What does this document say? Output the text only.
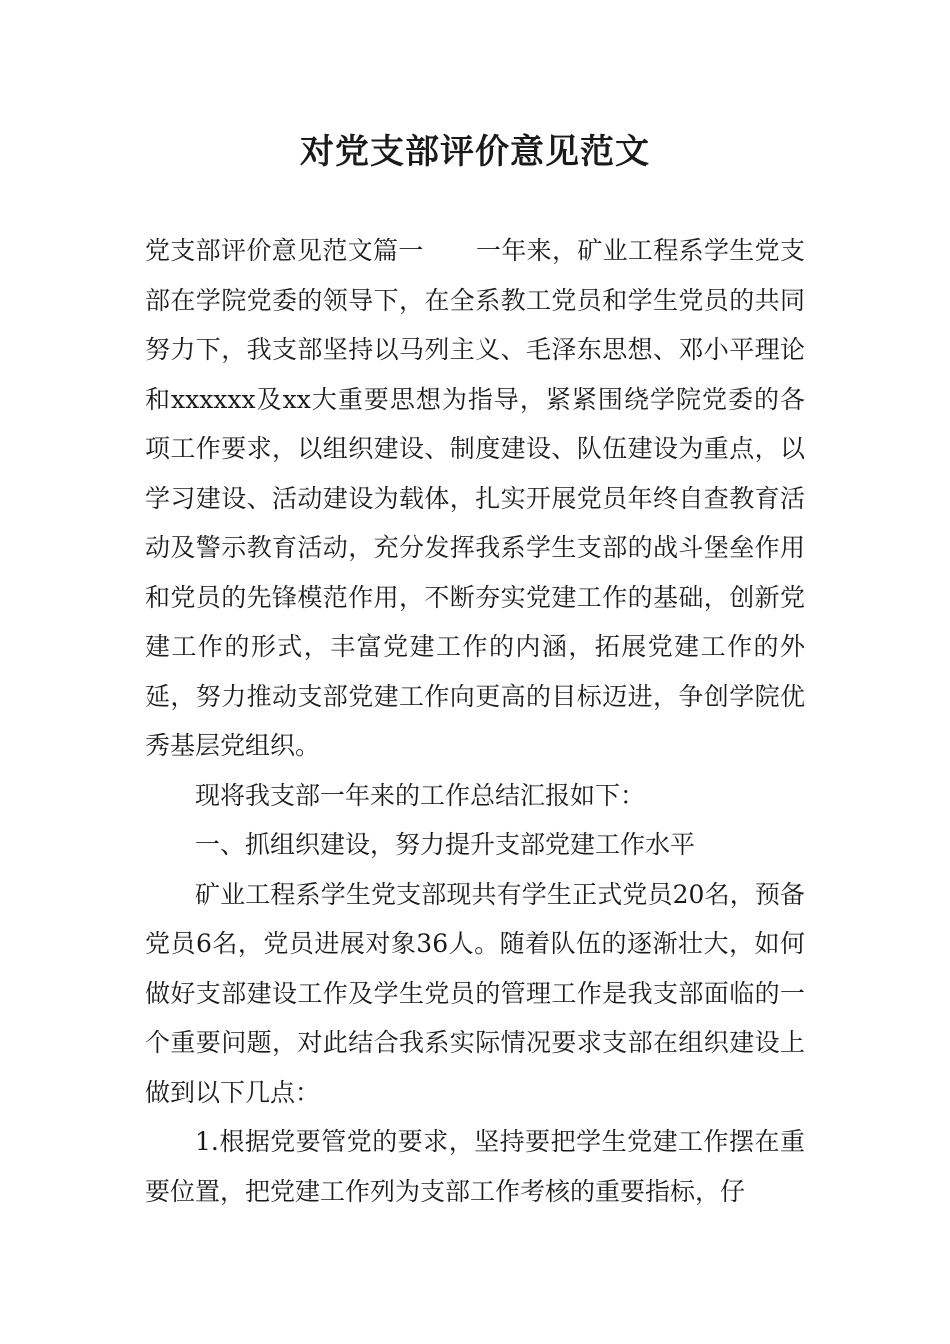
对党支部评价意见范文

党支部评价意见范文篇一 一年来，矿业工程系学生党支部在学院党委的领导下，在全系教工党员和学生党员的共同努力下，我支部坚持以马列主义、毛泽东思想、邓小平理论和xxxxxx及xx大重要思想为指导，紧紧围绕学院党委的各项工作要求，以组织建设、制度建设、队伍建设为重点，以学习建设、活动建设为载体，扎实开展党员年终自查教育活动及警示教育活动，充分发挥我系学生支部的战斗堡垒作用和党员的先锋模范作用，不断夯实党建工作的基础，创新党建工作的形式，丰富党建工作的内涵，拓展党建工作的外延，努力推动支部党建工作向更高的目标迈进，争创学院优秀基层党组织。

现将我支部一年来的工作总结汇报如下：

一、抓组织建设，努力提升支部党建工作水平

矿业工程系学生党支部现共有学生正式党员20名，预备党员6名，党员进展对象36人。随着队伍的逐渐壮大，如何做好支部建设工作及学生党员的管理工作是我支部面临的一个重要问题，对此结合我系实际情况要求支部在组织建设上做到以下几点：

1.根据党要管党的要求，坚持要把学生党建工作摆在重要位置，把党建工作列为支部工作考核的重要指标，仔
